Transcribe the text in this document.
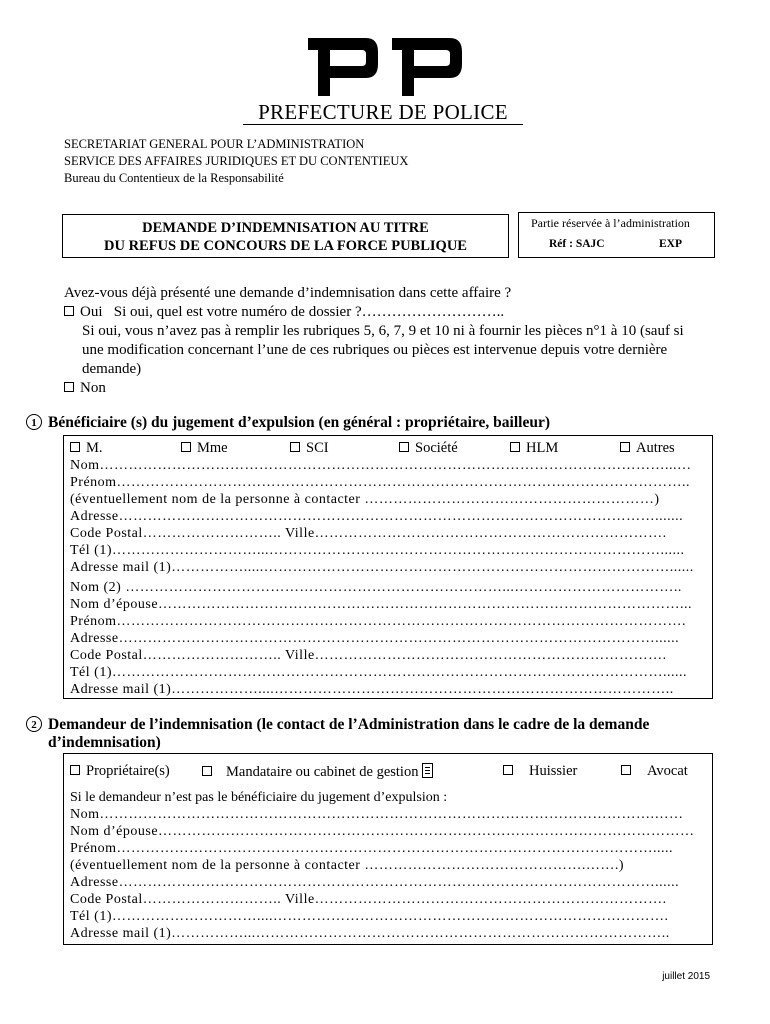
PREFECTURE DE POLICE
SECRETARIAT GENERAL POUR L’ADMINISTRATION
SERVICE DES AFFAIRES JURIDIQUES ET DU CONTENTIEUX
Bureau du Contentieux de la Responsabilité
DEMANDE D’INDEMNISATION AU TITRE
DU REFUS DE CONCOURS DE LA FORCE PUBLIQUE
Partie réservée à l’administration
Réf : SAJC	EXP
Avez-vous déjà présenté une demande d’indemnisation dans cette affaire ?
Oui Si oui, quel est votre numéro de dossier ?………………………..
Si oui, vous n’avez pas à remplir les rubriques 5, 6, 7, 9 et 10 ni à fournir les pièces n°1 à 10 (sauf si
une modification concernant l’une de ces rubriques ou pièces est intervenue depuis votre dernière
demande)
Non
1 Bénéficiaire (s) du jugement d’expulsion (en général : propriétaire, bailleur)
M.	Mme	SCI	Société	HLM	Autres
Nom………………………………………………………………………………………………………...…
Prénom………………………………………………………………………………………………………..
(éventuellement nom de la personne à contacter ……………………………………………………)
Adresse………………………………………………………………………………………………….......
Code Postal……………………….. Ville……………………………………………………………….
Tél (1)…………………………...………………………………………………………………………......
Adresse mail (1)…………….....…………………………………………………………………………......
Nom (2) ……………………………………………………………………...……………………………..
Nom d’épouse………………………………………………………………………………………………...
Prénom……………………………………………………………………………………………………….
Adresse…………………………………………………………………………………………………......
Code Postal……………………….. Ville……………………………………………………………….
Tél (1)……………………………………………………………………………………………………......
Adresse mail (1)………………....………………………………………………………………………..
2 Demandeur de l’indemnisation (le contact de l’Administration dans le cadre de la demande
d’indemnisation)
Propriétaire(s)	Mandataire ou cabinet de gestion	Huissier	Avocat
Si le demandeur n’est pas le bénéficiaire du jugement d’expulsion :
Nom…………………………………………………………………………………………………….……
Nom d’épouse…………………………………………………………………………………………………
Prénom………………………………………………………………………………………………….....
(éventuellement nom de la personne à contacter ……………………………………….…….)
Adresse…………………………………………………………………………………………………......
Code Postal……………………….. Ville……………………………………………………………….
Tél (1)…………………………....……………………………………………………………………….
Adresse mail (1)……………...…………………………………………………………………………..
juillet 2015
